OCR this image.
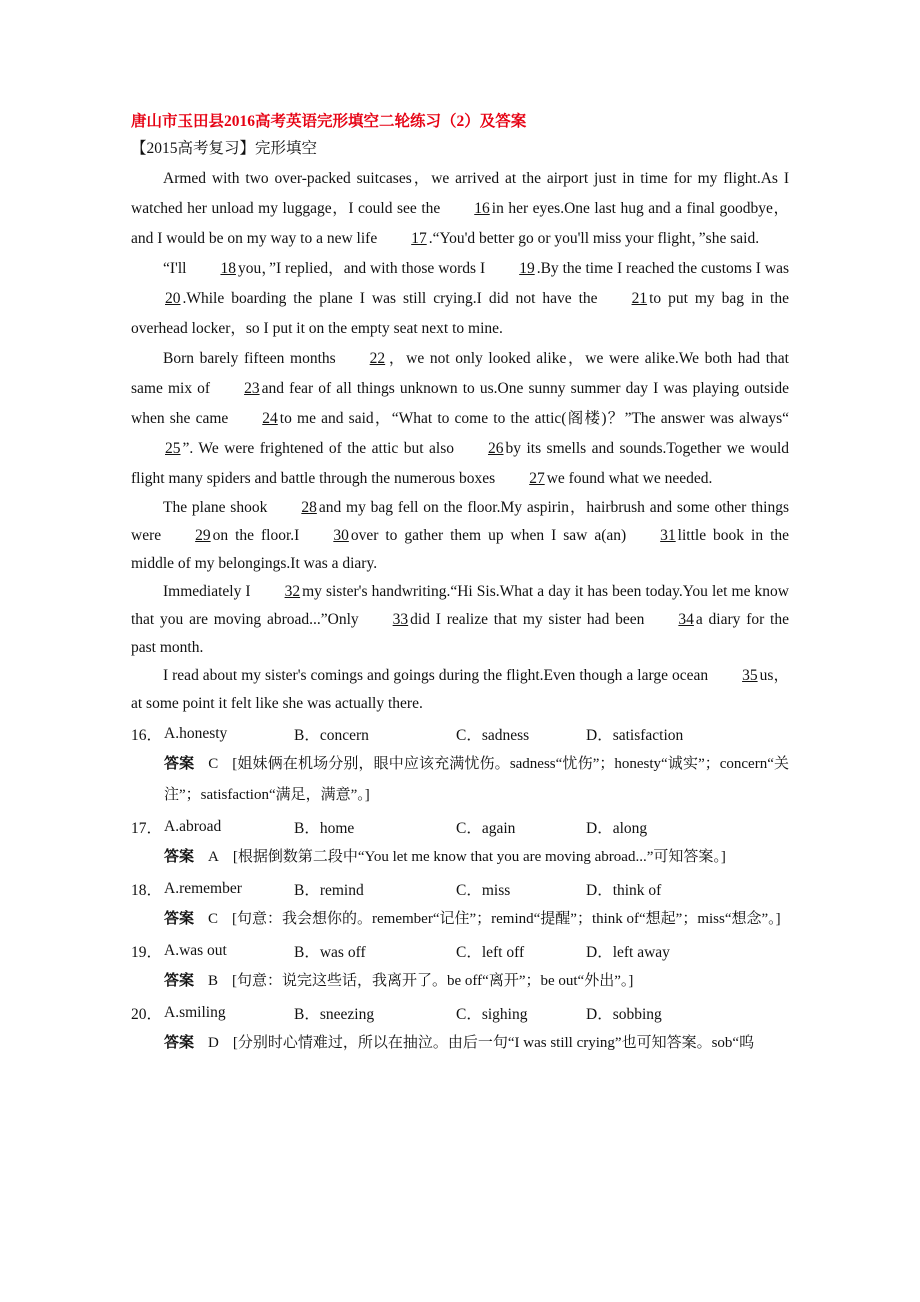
唐山市玉田县2016高考英语完形填空二轮练习（2）及答案
【2015高考复习】完形填空

Armed with two over-packed suitcases，we arrived at the airport just in time for my flight.As I watched her unload my luggage，I could see the 16 in her eyes.One last hug and a final goodbye，and I would be on my way to a new life 17 .“You'd better go or you'll miss your flight，”she said.

“I'll 18 you，”I replied，and with those words I 19 .By the time I reached the customs I was20 .While boarding the plane I was still crying.I did not have the 21 to put my bag in the overhead locker，so I put it on the empty seat next to mine.

Born barely fifteen months 22 ，we not only looked alike，we were alike.We both had that same mix of 23 and fear of all things unknown to us.One sunny summer day I was playing outside when she came 24 to me and said，“What to come to the attic(阁楼)？”The answer was always“25 ”. We were frightened of the attic but also 26 by its smells and sounds.Together we would flight many spiders and battle through the numerous boxes 27 we found what we needed.

The plane shook 28 and my bag fell on the floor.My aspirin，hairbrush and some other things were 29 on the floor.I 30 over to gather them up when I saw a(an) 31 little book in the middle of my belongings.It was a diary.

Immediately I 32 my sister's handwriting.“Hi Sis.What a day it has been today.You let me know that you are moving abroad...”Only 33 did I realize that my sister had been 34 a diary for the past month.

I read about my sister's comings and goings during the flight.Even though a large ocean 35 us，at some point it felt like she was actually there.

16． A.honesty	B．concern	C．sadness	D．satisfaction

答案 C [姐妹俩在机场分别，眼中应该充满忧伤。sadness“忧伤”；honesty“诚实”；concern“关注”；satisfaction“满足，满意”。]

17． A.abroad	B．home	C．again	D．along

答案 A [根据倒数第二段中“You let me know that you are moving abroad...”可知答案。]

18． A.remember	B．remind	C．miss	D．think of

答案 C [句意：我会想你的。remember“记住”；remind“提醒”；think of“想起”；miss“想念”。]

19． A.was out	B．was off	C．left off	D．left away

答案 B [句意：说完这些话，我离开了。be off“离开”；be out“外出”。]

20． A.smiling	B．sneezing	C．sighing	D．sobbing

答案 D [分别时心情难过，所以在抽泣。由后一句“I was still crying”也可知答案。sob“呜
